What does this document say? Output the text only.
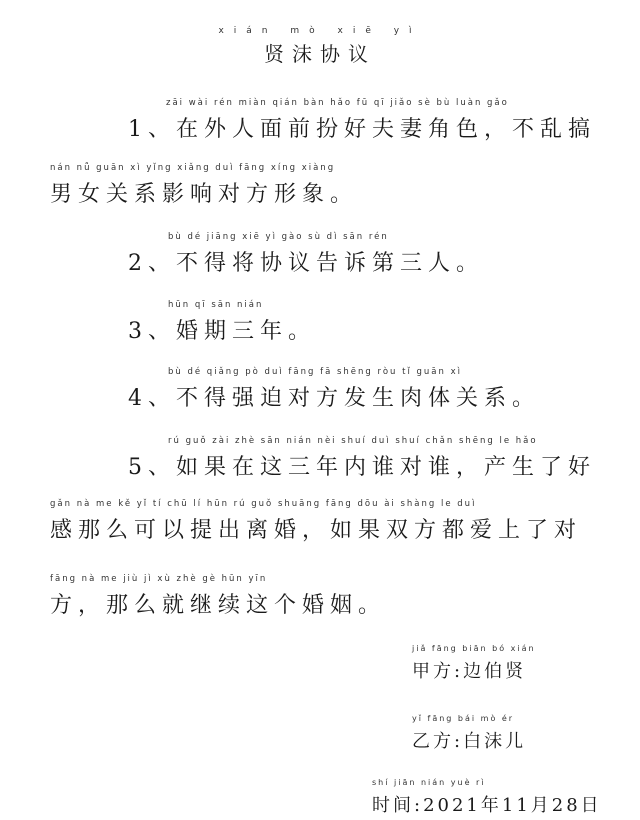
xián mò xiē yì
贤沫协议
zāi wài rén miàn qián bàn hǎo fū qī jiǎo sè bù luàn gǎo
1、在外人面前扮好夫妻角色，不乱搞
nán nǚ guān xì yǐng xiǎng duì fāng xíng xiàng
男女关系影响对方形象。
bù dé jiāng xiē yì gào sù dì sān rén
2、不得将协议告诉第三人。
hūn qī sān nián
3、婚期三年。
bù dé qiǎng pò duì fāng fā shēng ròu tǐ guān xì
4、不得强迫对方发生肉体关系。
rú guǒ zài zhè sān nián nèi shuí duì shuí chǎn shēng le hǎo
5、如果在这三年内谁对谁，产生了好
gǎn nà me kě yǐ tí chū lí hūn rú guǒ shuāng fāng dōu ài shàng le duì
感那么可以提出离婚，如果双方都爱上了对
fāng nà me jiù jì xù zhè gè hūn yīn
方，那么就继续这个婚姻。
jiǎ fāng biān bó xián
甲方:边伯贤
yǐ fāng bái mò ér
乙方:白沫儿
shí jiān nián yuè rì
时间:2021年11月28日
